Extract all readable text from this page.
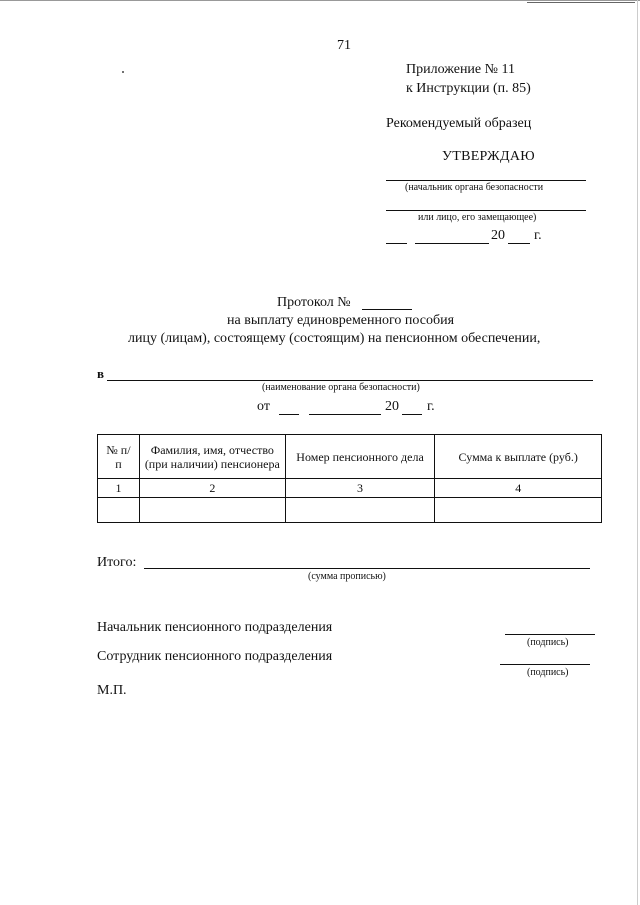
71
Приложение № 11
к Инструкции (п. 85)
Рекомендуемый образец
УТВЕРЖДАЮ
(начальник органа безопасности
или лицо, его замещающее)
20 г.
Протокол №
на выплату единовременного пособия
лицу (лицам), состоящему (состоящим) на пенсионном обеспечении,
в
(наименование органа безопасности)
от	20 г.
№ п/п	Фамилия, имя, отчество (при наличии) пенсионера	Номер пенсионного дела	Сумма к выплате (руб.)
1	2	3	4

Итого:
(сумма прописью)
Начальник пенсионного подразделения
(подпись)
Сотрудник пенсионного подразделения
(подпись)
М.П.
